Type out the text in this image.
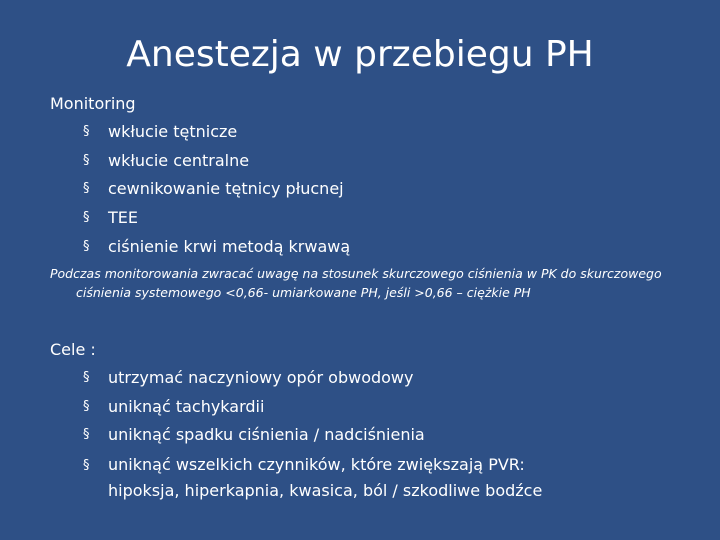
Anestezja w przebiegu PH
Monitoring
§ wkłucie tętnicze
§ wkłucie centralne
§ cewnikowanie tętnicy płucnej
§ TEE
§ ciśnienie krwi metodą krwawą
Podczas monitorowania zwracać uwagę na stosunek skurczowego ciśnienia w PK do skurczowego ciśnienia systemowego <0,66- umiarkowane PH, jeśli >0,66 – ciężkie PH
Cele :
§ utrzymać naczyniowy opór obwodowy
§ uniknąć tachykardii
§ uniknąć spadku ciśnienia / nadciśnienia
§ uniknąć wszelkich czynników, które zwiększają PVR: hipoksja, hiperkapnia, kwasica, ból / szkodliwe bodźce
